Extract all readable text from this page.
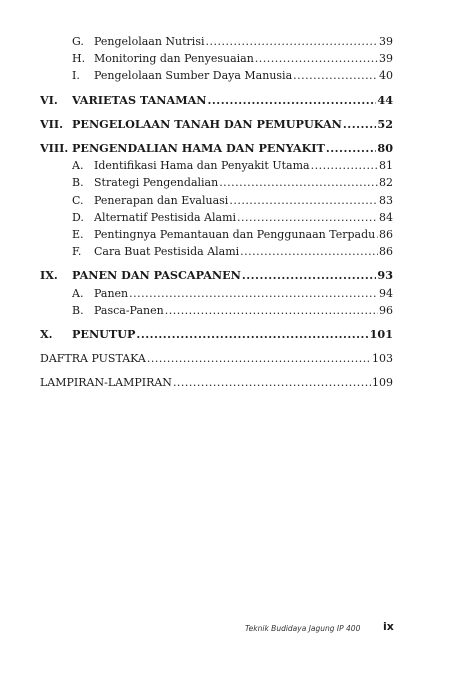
G. Pengelolaan Nutrisi .....	39
H. Monitoring dan Penyesuaian .....	39
I.	Pengelolaan Sumber Daya Manusia .....	40
VI.	VARIETAS TANAMAN .....	44
VII. PENGELOLAAN TANAH DAN PEMUPUKAN .....	52
VIII. PENGENDALIAN HAMA DAN PENYAKIT .....	80
A. Identifikasi Hama dan Penyakit Utama .....	81
B. Strategi Pengendalian .....	82
C. Penerapan dan Evaluasi .....	83
D. Alternatif Pestisida Alami .....	84
E. Pentingnya Pemantauan dan Penggunaan Terpadu ..... 86
F.	Cara Buat Pestisida Alami .....	86
IX.	PANEN DAN PASCAPANEN .....	93
A. Panen .....	94
B. Pasca-Panen .....	96
X.	PENUTUP .....	101
DAFTRA PUSTAKA .....	103
LAMPIRAN-LAMPIRAN .....	109
Teknik Budidaya Jagung IP 400 ix
